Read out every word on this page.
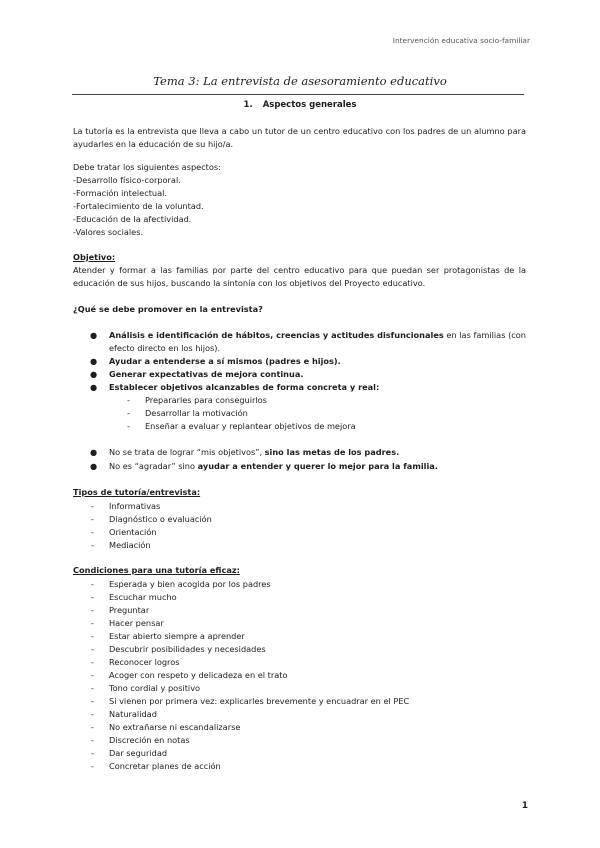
Intervención educativa socio-familiar
Tema 3: La entrevista de asesoramiento educativo
1. Aspectos generales
La tutoría es la entrevista que lleva a cabo un tutor de un centro educativo con los padres de un alumno para ayudarles en la educación de su hijo/a.
Debe tratar los siguientes aspectos:
-Desarrollo físico-corporal.
-Formación intelectual.
-Fortalecimiento de la voluntad.
-Educación de la afectividad.
-Valores sociales.
Objetivo:
Atender y formar a las familias por parte del centro educativo para que puedan ser protagonistas de la educación de sus hijos, buscando la sintonía con los objetivos del Proyecto educativo.
¿Qué se debe promover en la entrevista?
● Análisis e identificación de hábitos, creencias y actitudes disfuncionales en las familias (con efecto directo en los hijos).
● Ayudar a entenderse a sí mismos (padres e hijos).
● Generar expectativas de mejora continua.
● Establecer objetivos alcanzables de forma concreta y real:
- Prepararles para conseguirlos
- Desarrollar la motivación
- Enseñar a evaluar y replantear objetivos de mejora
● No se trata de lograr “mis objetivos”, sino las metas de los padres.
● No es “agradar” sino ayudar a entender y querer lo mejor para la familia.
Tipos de tutoría/entrevista:
- Informativas
- Diagnóstico o evaluación
- Orientación
- Mediación
Condiciones para una tutoría eficaz:
- Esperada y bien acogida por los padres
- Escuchar mucho
- Preguntar
- Hacer pensar
- Estar abierto siempre a aprender
- Descubrir posibilidades y necesidades
- Reconocer logros
- Acoger con respeto y delicadeza en el trato
- Tono cordial y positivo
- Si vienen por primera vez: explicarles brevemente y encuadrar en el PEC
- Naturalidad
- No extrañarse ni escandalizarse
- Discreción en notas
- Dar seguridad
- Concretar planes de acción
1
